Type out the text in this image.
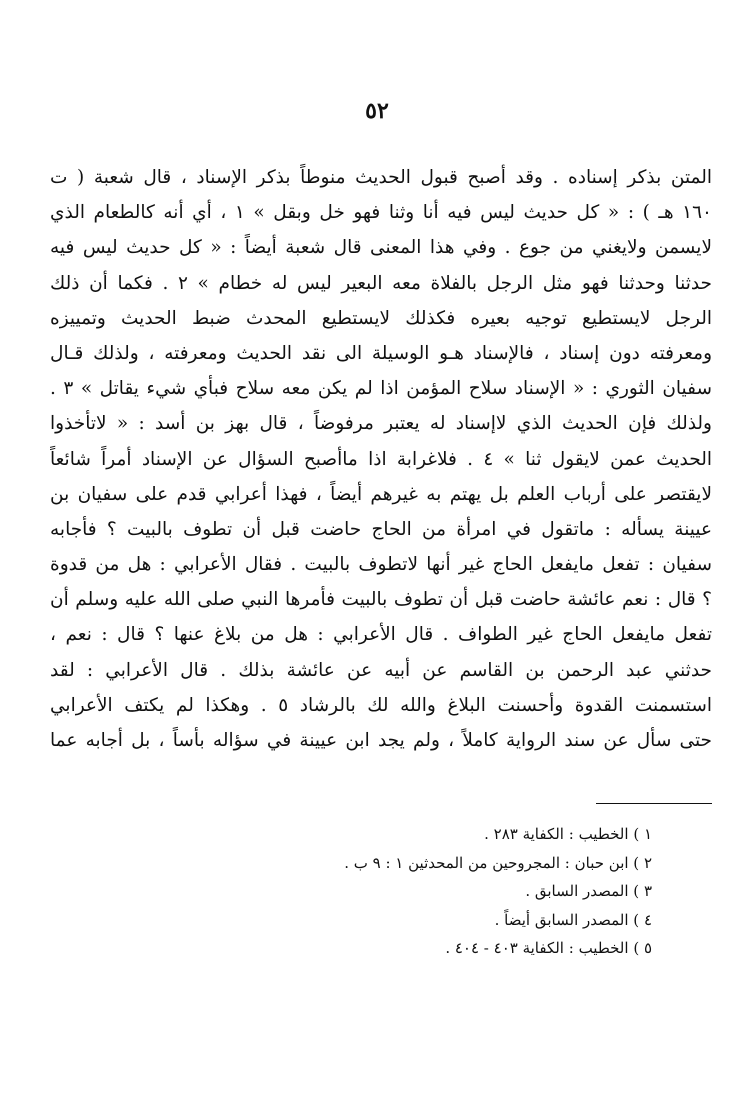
٥٢
المتن بذكر إسناده . وقد أصبح قبول الحديث منوطاً بذكر الإسناد ، قال شعبة ( ت
١٦٠ هـ ) : « كل حديث ليس فيه أنا وثنا فهو خل وبقل » ١ ، أي أنه كالطعام الذي
لايسمن ولايغني من جوع . وفي هذا المعنى قال شعبة أيضاً : « كل حديث ليس فيه
حدثنا وحدثنا فهو مثل الرجل بالفلاة معه البعير ليس له خطام » ٢ . فكما أن ذلك
الرجل لايستطيع توجيه بعيره فكذلك لايستطيع المحدث ضبط الحديث وتمييزه
ومعرفته دون إسناد ، فالإسناد هـو الوسيلة الى نقد الحديث ومعرفته ، ولذلك قـال
سفيان الثوري : « الإسناد سلاح المؤمن اذا لم يكن معه سلاح فبأي شيء يقاتل » ٣ .
ولذلك فإن الحديث الذي لاإسناد له يعتبر مرفوضاً ، قال بهز بن أسد : « لاتأخذوا
الحديث عمن لايقول ثنا » ٤ . فلاغرابة اذا ماأصبح السؤال عن الإسناد أمراً شائعاً
لايقتصر على أرباب العلم بل يهتم به غيرهم أيضاً ، فهذا أعرابي قدم على سفيان بن
عيينة يسأله : ماتقول في امرأة من الحاج حاضت قبل أن تطوف بالبيت ؟ فأجابه
سفيان : تفعل مايفعل الحاج غير أنها لاتطوف بالبيت . فقال الأعرابي : هل من قدوة
؟ قال : نعم عائشة حاضت قبل أن تطوف بالبيت فأمرها النبي صلى الله عليه وسلم أن
تفعل مايفعل الحاج غير الطواف . قال الأعرابي : هل من بلاغ عنها ؟ قال : نعم ،
حدثني عبد الرحمن بن القاسم عن أبيه عن عائشة بذلك . قال الأعرابي : لقد
استسمنت القدوة وأحسنت البلاغ والله لك بالرشاد ٥ . وهكذا لم يكتف الأعرابي
حتى سأل عن سند الرواية كاملاً ، ولم يجد ابن عيينة في سؤاله بأساً ، بل أجابه عما
١ ) الخطيب : الكفاية ٢٨٣ .
٢ ) ابن حبان : المجروحين من المحدثين ١ : ٩ ب .
٣ ) المصدر السابق .
٤ ) المصدر السابق أيضاً .
٥ ) الخطيب : الكفاية ٤٠٣ - ٤٠٤ .
